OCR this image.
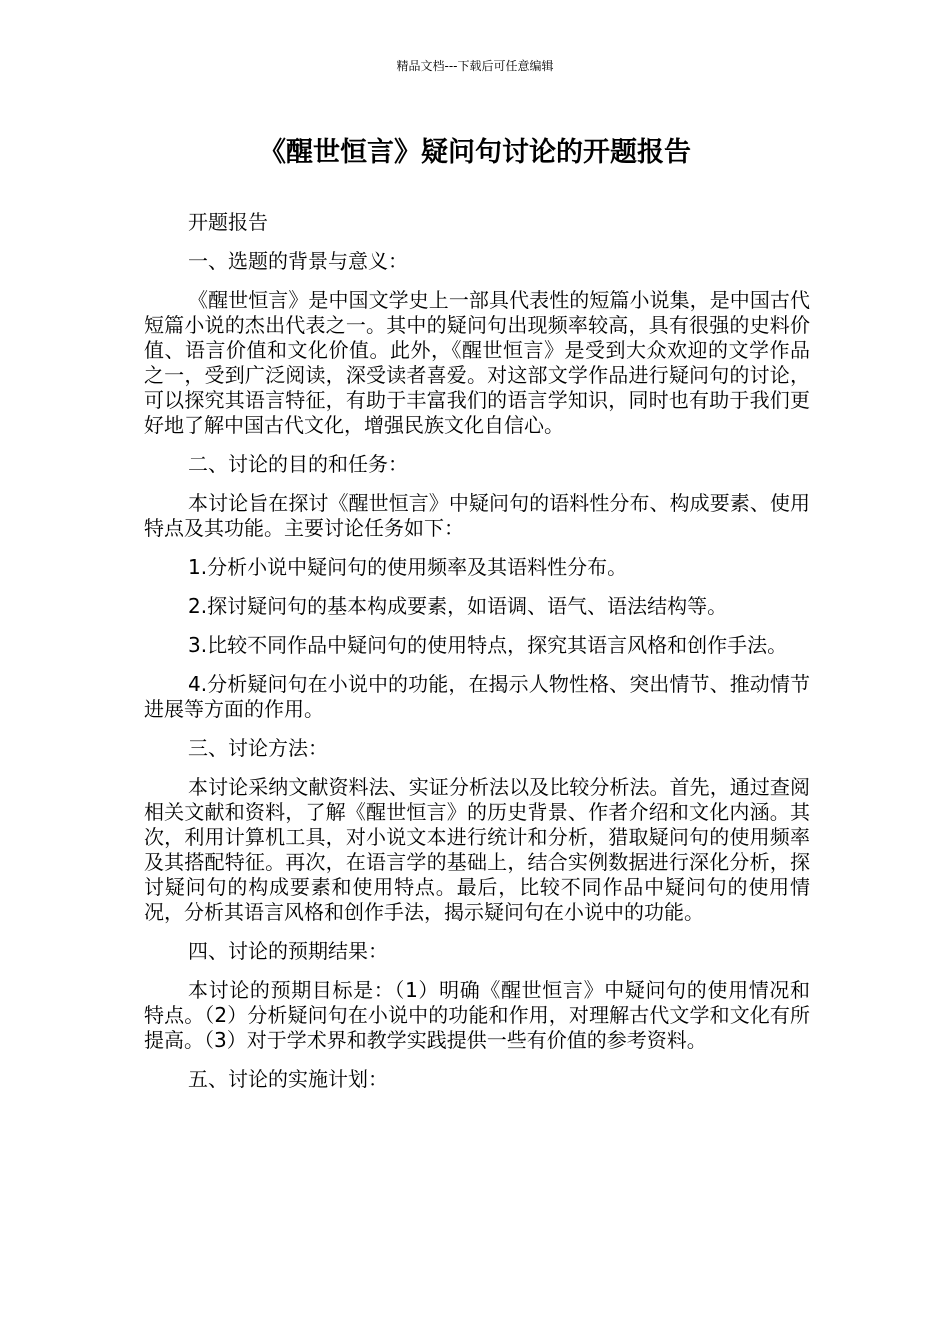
精品文档---下载后可任意编辑
《醒世恒言》疑问句讨论的开题报告

开题报告

一、选题的背景与意义：

《醒世恒言》是中国文学史上一部具代表性的短篇小说集，是中国古代短篇小说的杰出代表之一。其中的疑问句出现频率较高，具有很强的史料价值、语言价值和文化价值。此外，《醒世恒言》是受到大众欢迎的文学作品之一，受到广泛阅读，深受读者喜爱。对这部文学作品进行疑问句的讨论，可以探究其语言特征，有助于丰富我们的语言学知识，同时也有助于我们更好地了解中国古代文化，增强民族文化自信心。

二、讨论的目的和任务：

本讨论旨在探讨《醒世恒言》中疑问句的语料性分布、构成要素、使用特点及其功能。主要讨论任务如下：

1.分析小说中疑问句的使用频率及其语料性分布。

2.探讨疑问句的基本构成要素，如语调、语气、语法结构等。

3.比较不同作品中疑问句的使用特点，探究其语言风格和创作手法。

4.分析疑问句在小说中的功能，在揭示人物性格、突出情节、推动情节进展等方面的作用。

三、讨论方法：

本讨论采纳文献资料法、实证分析法以及比较分析法。首先，通过查阅相关文献和资料，了解《醒世恒言》的历史背景、作者介绍和文化内涵。其次，利用计算机工具，对小说文本进行统计和分析，猎取疑问句的使用频率及其搭配特征。再次，在语言学的基础上，结合实例数据进行深化分析，探讨疑问句的构成要素和使用特点。最后，比较不同作品中疑问句的使用情况，分析其语言风格和创作手法，揭示疑问句在小说中的功能。

四、讨论的预期结果：

本讨论的预期目标是：（1）明确《醒世恒言》中疑问句的使用情况和特点。（2）分析疑问句在小说中的功能和作用，对理解古代文学和文化有所提高。（3）对于学术界和教学实践提供一些有价值的参考资料。

五、讨论的实施计划：
